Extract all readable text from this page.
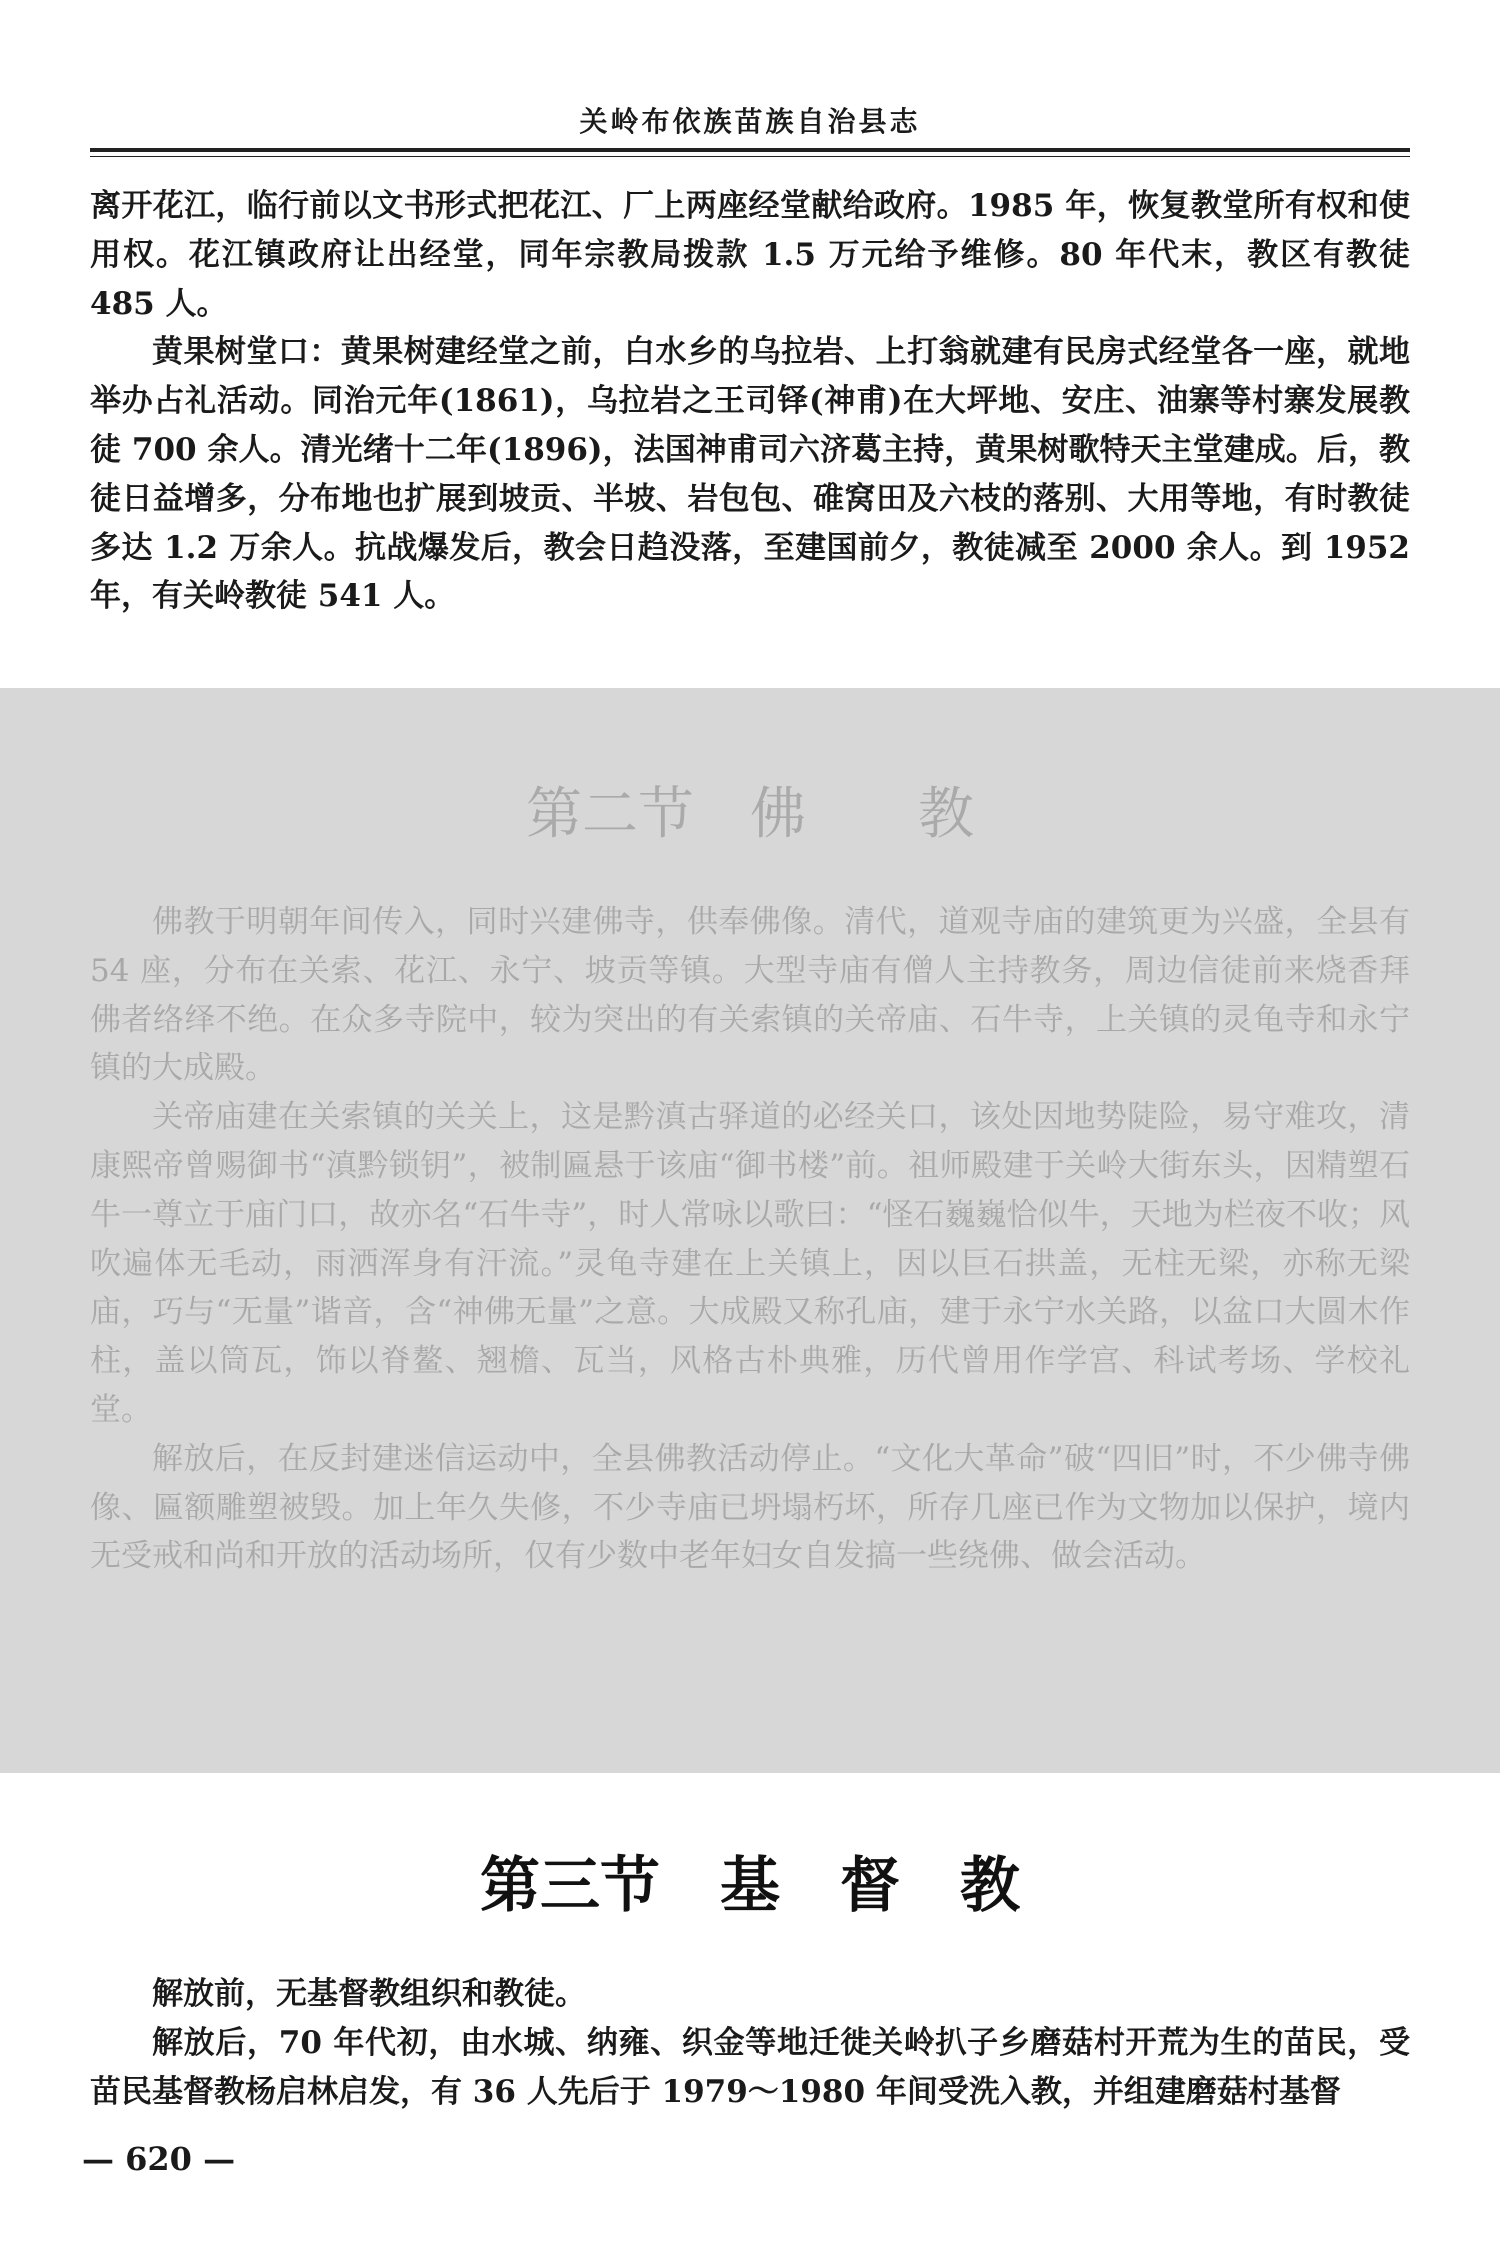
关岭布依族苗族自治县志

离开花江，临行前以文书形式把花江、厂上两座经堂献给政府。1985 年，恢复教堂所有权和使用权。花江镇政府让出经堂，同年宗教局拨款 1.5 万元给予维修。80 年代末，教区有教徒 485 人。

黄果树堂口：黄果树建经堂之前，白水乡的乌拉岩、上打翁就建有民房式经堂各一座，就地举办占礼活动。同治元年(1861)，乌拉岩之王司铎(神甫)在大坪地、安庄、油寨等村寨发展教徒 700 余人。清光绪十二年(1896)，法国神甫司六济葛主持，黄果树歌特天主堂建成。后，教徒日益增多，分布地也扩展到坡贡、半坡、岩包包、碓窝田及六枝的落别、大用等地，有时教徒多达 1.2 万余人。抗战爆发后，教会日趋没落，至建国前夕，教徒减至 2000 余人。到 1952 年，有关岭教徒 541 人。

第二节　佛　　教

佛教于明朝年间传入，同时兴建佛寺，供奉佛像。清代，道观寺庙的建筑更为兴盛，全县有 54 座，分布在关索、花江、永宁、坡贡等镇。大型寺庙有僧人主持教务，周边信徒前来烧香拜佛者络绎不绝。在众多寺院中，较为突出的有关索镇的关帝庙、石牛寺，上关镇的灵龟寺和永宁镇的大成殿。

关帝庙建在关索镇的关关上，这是黔滇古驿道的必经关口，该处因地势陡险，易守难攻，清康熙帝曾赐御书“滇黔锁钥”，被制匾悬于该庙“御书楼”前。祖师殿建于关岭大街东头，因精塑石牛一尊立于庙门口，故亦名“石牛寺”，时人常咏以歌曰：“怪石巍巍恰似牛，天地为栏夜不收；风吹遍体无毛动，雨洒浑身有汗流。”灵龟寺建在上关镇上，因以巨石拱盖，无柱无梁，亦称无梁庙，巧与“无量”谐音，含“神佛无量”之意。大成殿又称孔庙，建于永宁水关路，以盆口大圆木作柱，盖以筒瓦，饰以脊鳌、翘檐、瓦当，风格古朴典雅，历代曾用作学宫、科试考场、学校礼堂。

解放后，在反封建迷信运动中，全县佛教活动停止。“文化大革命”破“四旧”时，不少佛寺佛像、匾额雕塑被毁。加上年久失修，不少寺庙已坍塌朽坏，所存几座已作为文物加以保护，境内无受戒和尚和开放的活动场所，仅有少数中老年妇女自发搞一些绕佛、做会活动。

第三节　基　督　教

解放前，无基督教组织和教徒。

解放后，70 年代初，由水城、纳雍、织金等地迁徙关岭扒子乡磨菇村开荒为生的苗民，受苗民基督教杨启林启发，有 36 人先后于 1979～1980 年间受洗入教，并组建磨菇村基督

— 620 —
